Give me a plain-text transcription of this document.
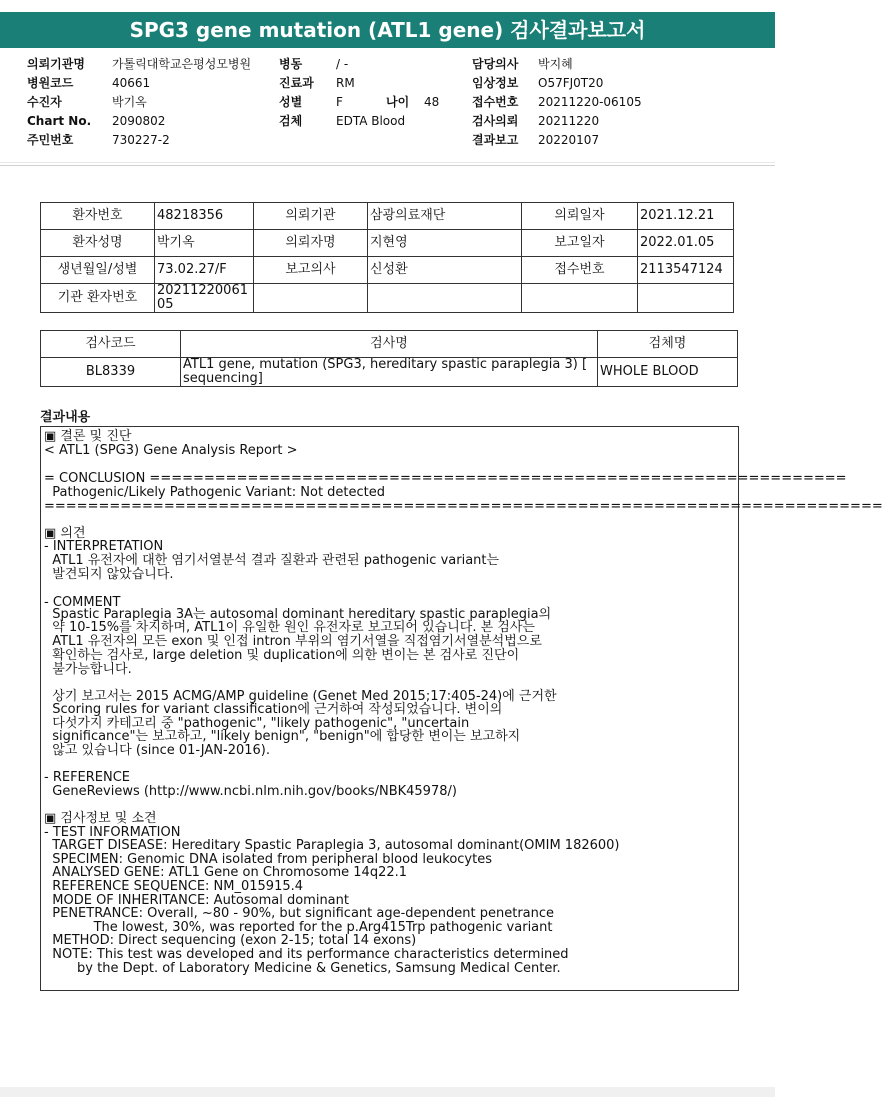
SPG3 gene mutation (ATL1 gene) 검사결과보고서
의뢰기관명 가톨릭대학교은평성모병원
병원코드	40661
수진자	박기옥
Chart No. 2090802
주민번호	730227-2
병동	/ -
진료과 RM
성별	F	나이 48
검체	EDTA Blood
담당의사 박지혜
임상정보 O57FJ0T20
접수번호 20211220-06105
검사의뢰 20211220
결과보고 20220107
환자번호	48218356	의뢰기관	삼광의료재단	의뢰일자	2021.12.21
환자성명	박기옥	의뢰자명	지현영	보고일자	2022.01.05
생년월일/성별	73.02.27/F	보고의사	신성환	접수번호	2113547124
기관 환자번호	2021122006105				
검사코드	검사명	검체명
BL8339	ATL1 gene, mutation (SPG3, hereditary spastic paraplegia 3) [ sequencing]	WHOLE BLOOD
결과내용
▣ 결론 및 진단
< ATL1 (SPG3) Gene Analysis Report >
= CONCLUSION ================================================================
Pathogenic/Likely Pathogenic Variant: Not detected
=============================================================================
▣ 의견
- INTERPRETATION
ATL1 유전자에 대한 염기서열분석 결과 질환과 관련된 pathogenic variant는
발견되지 않았습니다.
- COMMENT
Spastic Paraplegia 3A는 autosomal dominant hereditary spastic paraplegia의
약 10-15%를 차지하며, ATL1이 유일한 원인 유전자로 보고되어 있습니다. 본 검사는
ATL1 유전자의 모든 exon 및 인접 intron 부위의 염기서열을 직접염기서열분석법으로
확인하는 검사로, large deletion 및 duplication에 의한 변이는 본 검사로 진단이
불가능합니다.
상기 보고서는 2015 ACMG/AMP guideline (Genet Med 2015;17:405-24)에 근거한
Scoring rules for variant classification에 근거하여 작성되었습니다. 변이의
다섯가지 카테고리 중 "pathogenic", "likely pathogenic", "uncertain
significance"는 보고하고, "likely benign", "benign"에 합당한 변이는 보고하지
않고 있습니다 (since 01-JAN-2016).
- REFERENCE
GeneReviews (http://www.ncbi.nlm.nih.gov/books/NBK45978/)
▣ 검사정보 및 소견
- TEST INFORMATION
TARGET DISEASE: Hereditary Spastic Paraplegia 3, autosomal dominant(OMIM 182600)
SPECIMEN: Genomic DNA isolated from peripheral blood leukocytes
ANALYSED GENE: ATL1 Gene on Chromosome 14q22.1
REFERENCE SEQUENCE: NM_015915.4
MODE OF INHERITANCE: Autosomal dominant
PENETRANCE: Overall, ~80 - 90%, but significant age-dependent penetrance
The lowest, 30%, was reported for the p.Arg415Trp pathogenic variant
METHOD: Direct sequencing (exon 2-15; total 14 exons)
NOTE: This test was developed and its performance characteristics determined
by the Dept. of Laboratory Medicine & Genetics, Samsung Medical Center.
